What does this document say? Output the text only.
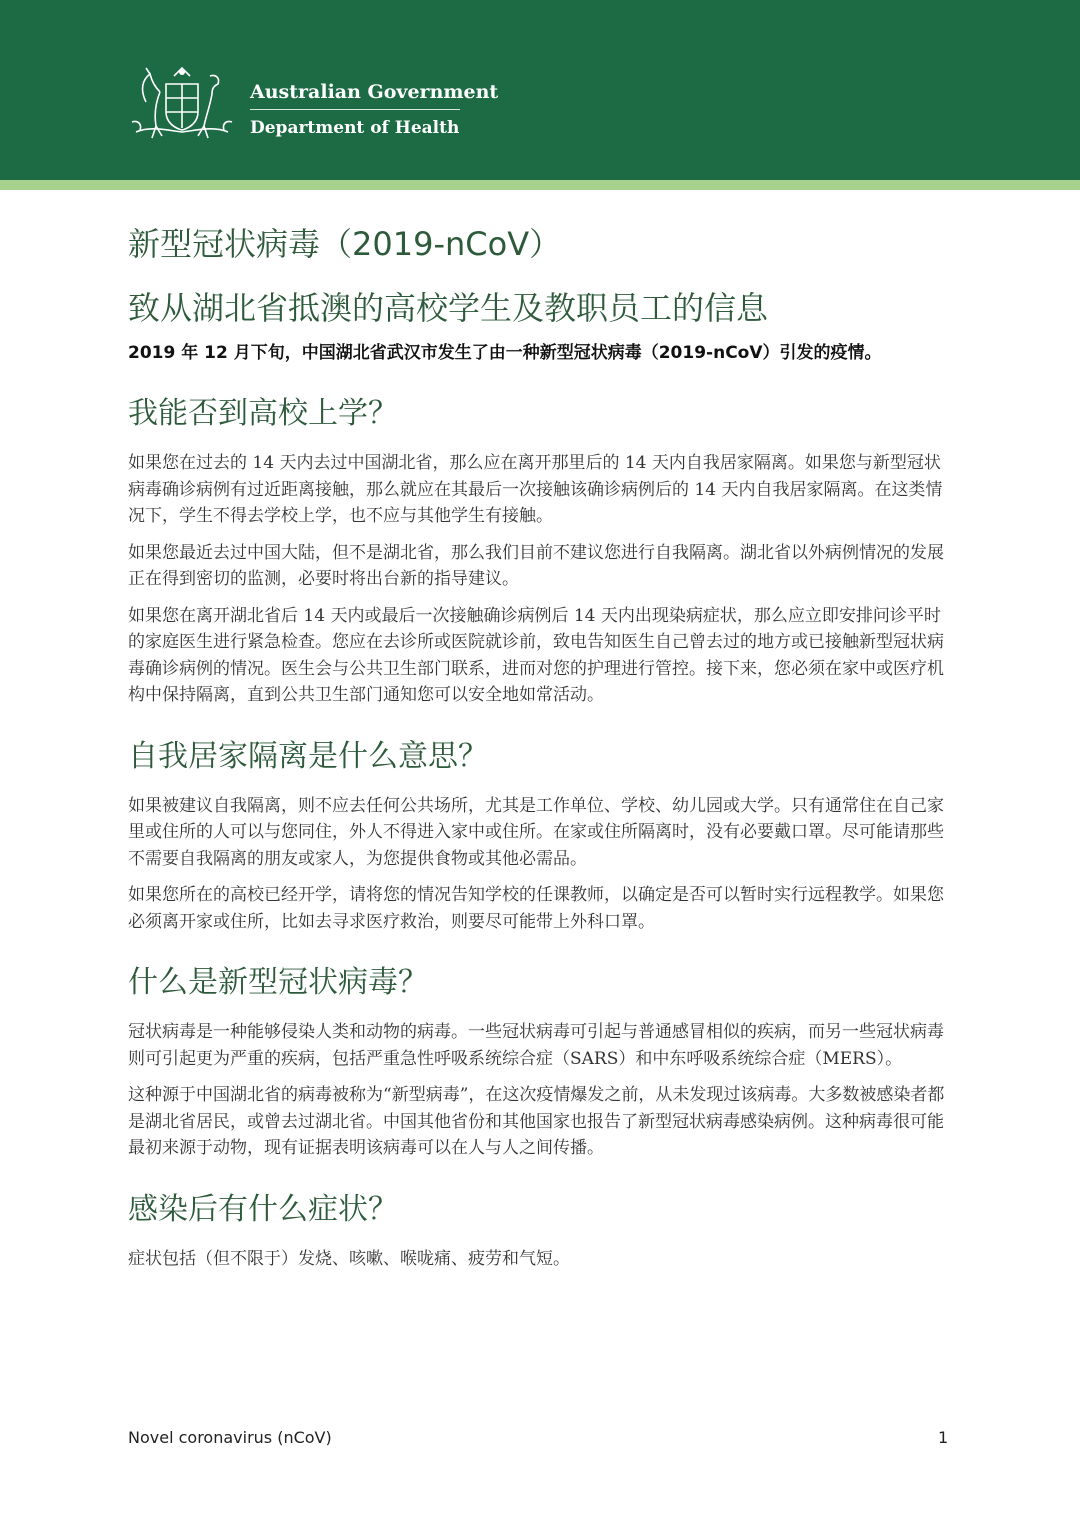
Australian Government
Department of Health
新型冠状病毒（2019-nCoV）
致从湖北省抵澳的高校学生及教职员工的信息

2019 年 12 月下旬，中国湖北省武汉市发生了由一种新型冠状病毒（2019-nCoV）引发的疫情。

我能否到高校上学？

如果您在过去的 14 天内去过中国湖北省，那么应在离开那里后的 14 天内自我居家隔离。如果您与新型冠状病毒确诊病例有过近距离接触，那么就应在其最后一次接触该确诊病例后的 14 天内自我居家隔离。在这类情况下，学生不得去学校上学，也不应与其他学生有接触。

如果您最近去过中国大陆，但不是湖北省，那么我们目前不建议您进行自我隔离。湖北省以外病例情况的发展正在得到密切的监测，必要时将出台新的指导建议。

如果您在离开湖北省后 14 天内或最后一次接触确诊病例后 14 天内出现染病症状，那么应立即安排问诊平时的家庭医生进行紧急检查。您应在去诊所或医院就诊前，致电告知医生自己曾去过的地方或已接触新型冠状病毒确诊病例的情况。医生会与公共卫生部门联系，进而对您的护理进行管控。接下来，您必须在家中或医疗机构中保持隔离，直到公共卫生部门通知您可以安全地如常活动。

自我居家隔离是什么意思？

如果被建议自我隔离，则不应去任何公共场所，尤其是工作单位、学校、幼儿园或大学。只有通常住在自己家里或住所的人可以与您同住，外人不得进入家中或住所。在家或住所隔离时，没有必要戴口罩。尽可能请那些不需要自我隔离的朋友或家人，为您提供食物或其他必需品。

如果您所在的高校已经开学，请将您的情况告知学校的任课教师，以确定是否可以暂时实行远程教学。如果您必须离开家或住所，比如去寻求医疗救治，则要尽可能带上外科口罩。

什么是新型冠状病毒？

冠状病毒是一种能够侵染人类和动物的病毒。一些冠状病毒可引起与普通感冒相似的疾病，而另一些冠状病毒则可引起更为严重的疾病，包括严重急性呼吸系统综合症（SARS）和中东呼吸系统综合症（MERS）。

这种源于中国湖北省的病毒被称为“新型病毒”，在这次疫情爆发之前，从未发现过该病毒。大多数被感染者都是湖北省居民，或曾去过湖北省。中国其他省份和其他国家也报告了新型冠状病毒感染病例。这种病毒很可能最初来源于动物，现有证据表明该病毒可以在人与人之间传播。

感染后有什么症状？

症状包括（但不限于）发烧、咳嗽、喉咙痛、疲劳和气短。

Novel coronavirus (nCoV)	1
